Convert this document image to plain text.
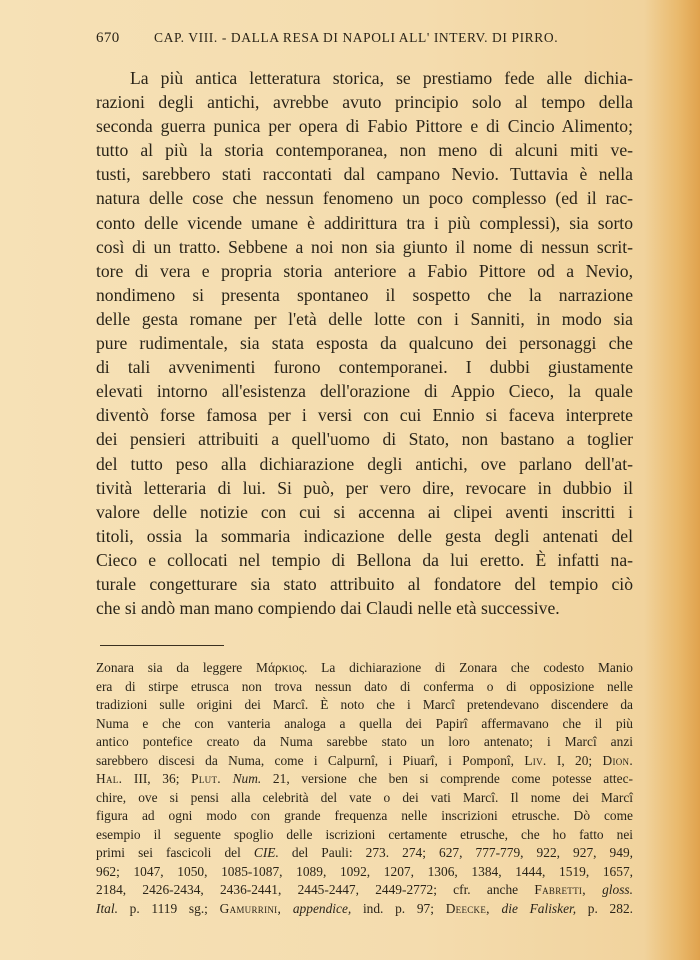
670	CAP. VIII. - DALLA RESA DI NAPOLI ALL' INTERV. DI PIRRO.
La più antica letteratura storica, se prestiamo fede alle dichia-
razioni degli antichi, avrebbe avuto principio solo al tempo della
seconda guerra punica per opera di Fabio Pittore e di Cincio Alimento;
tutto al più la storia contemporanea, non meno di alcuni miti ve-
tusti, sarebbero stati raccontati dal campano Nevio. Tuttavia è nella
natura delle cose che nessun fenomeno un poco complesso (ed il rac-
conto delle vicende umane è addirittura tra i più complessi), sia sorto
così di un tratto. Sebbene a noi non sia giunto il nome di nessun scrit-
tore di vera e propria storia anteriore a Fabio Pittore od a Nevio,
nondimeno si presenta spontaneo il sospetto che la narrazione
delle gesta romane per l'età delle lotte con i Sanniti, in modo sia
pure rudimentale, sia stata esposta da qualcuno dei personaggi che
di tali avvenimenti furono contemporanei. I dubbi giustamente
elevati intorno all'esistenza dell'orazione di Appio Cieco, la quale
diventò forse famosa per i versi con cui Ennio si faceva interprete
dei pensieri attribuiti a quell'uomo di Stato, non bastano a toglier
del tutto peso alla dichiarazione degli antichi, ove parlano dell'at-
tività letteraria di lui. Si può, per vero dire, revocare in dubbio il
valore delle notizie con cui si accenna ai clipei aventi inscritti i
titoli, ossia la sommaria indicazione delle gesta degli antenati del
Cieco e collocati nel tempio di Bellona da lui eretto. È infatti na-
turale congetturare sia stato attribuito al fondatore del tempio ciò
che si andò man mano compiendo dai Claudi nelle età successive.
Zonara sia da leggere Μάρκιος. La dichiarazione di Zonara che codesto Manio
era di stirpe etrusca non trova nessun dato di conferma o di opposizione nelle
tradizioni sulle origini dei Marcî. È noto che i Marcî pretendevano discendere da
Numa e che con vanteria analoga a quella dei Papirî affermavano che il più
antico pontefice creato da Numa sarebbe stato un loro antenato; i Marcî anzi
sarebbero discesi da Numa, come i Calpurnî, i Piuarî, i Pomponî, Liv. I, 20; Dion.
Hal. III, 36; Plut. Num. 21, versione che ben si comprende come potesse attec-
chire, ove si pensi alla celebrità del vate o dei vati Marcî. Il nome dei Marcî
figura ad ogni modo con grande frequenza nelle inscrizioni etrusche. Dò come
esempio il seguente spoglio delle iscrizioni certamente etrusche, che ho fatto nei
primi sei fascicoli del CIE. del Pauli: 273. 274; 627, 777-779, 922, 927, 949,
962; 1047, 1050, 1085-1087, 1089, 1092, 1207, 1306, 1384, 1444, 1519, 1657,
2184, 2426-2434, 2436-2441, 2445-2447, 2449-2772; cfr. anche Fabretti, gloss.
Ital. p. 1119 sg.; Gamurrini, appendice, ind. p. 97; Deecke, die Falisker, p. 282.
